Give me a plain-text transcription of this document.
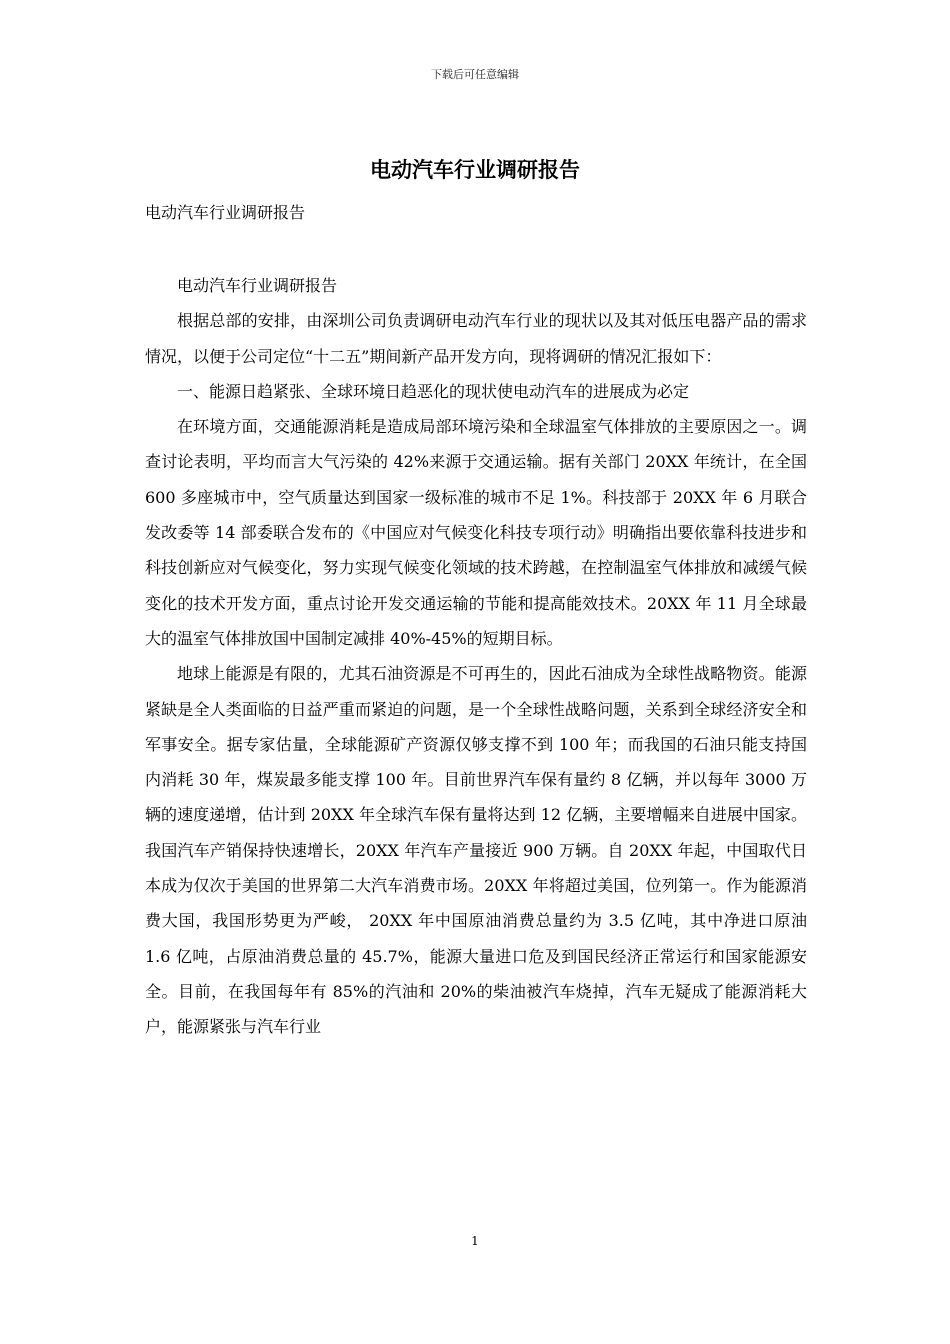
下载后可任意编辑
电动汽车行业调研报告
电动汽车行业调研报告

电动汽车行业调研报告

根据总部的安排，由深圳公司负责调研电动汽车行业的现状以及其对低压电器产品的需求情况，以便于公司定位“十二五”期间新产品开发方向，现将调研的情况汇报如下：

一、能源日趋紧张、全球环境日趋恶化的现状使电动汽车的进展成为必定

在环境方面，交通能源消耗是造成局部环境污染和全球温室气体排放的主要原因之一。调查讨论表明，平均而言大气污染的 42%来源于交通运输。据有关部门 20XX 年统计，在全国 600 多座城市中，空气质量达到国家一级标准的城市不足 1%。科技部于 20XX 年 6 月联合发改委等 14 部委联合发布的《中国应对气候变化科技专项行动》明确指出要依靠科技进步和科技创新应对气候变化，努力实现气候变化领域的技术跨越，在控制温室气体排放和减缓气候变化的技术开发方面，重点讨论开发交通运输的节能和提高能效技术。20XX 年 11 月全球最大的温室气体排放国中国制定减排 40%-45%的短期目标。

地球上能源是有限的，尤其石油资源是不可再生的，因此石油成为全球性战略物资。能源紧缺是全人类面临的日益严重而紧迫的问题，是一个全球性战略问题，关系到全球经济安全和军事安全。据专家估量，全球能源矿产资源仅够支撑不到 100 年；而我国的石油只能支持国内消耗 30 年，煤炭最多能支撑 100 年。目前世界汽车保有量约 8 亿辆，并以每年 3000 万辆的速度递增，估计到 20XX 年全球汽车保有量将达到 12 亿辆，主要增幅来自进展中国家。我国汽车产销保持快速增长，20XX 年汽车产量接近 900 万辆。自 20XX 年起，中国取代日本成为仅次于美国的世界第二大汽车消费市场。20XX 年将超过美国，位列第一。作为能源消费大国，我国形势更为严峻， 20XX 年中国原油消费总量约为 3.5 亿吨，其中净进口原油 1.6 亿吨，占原油消费总量的 45.7%，能源大量进口危及到国民经济正常运行和国家能源安全。目前，在我国每年有 85%的汽油和 20%的柴油被汽车烧掉，汽车无疑成了能源消耗大户，能源紧张与汽车行业

1
